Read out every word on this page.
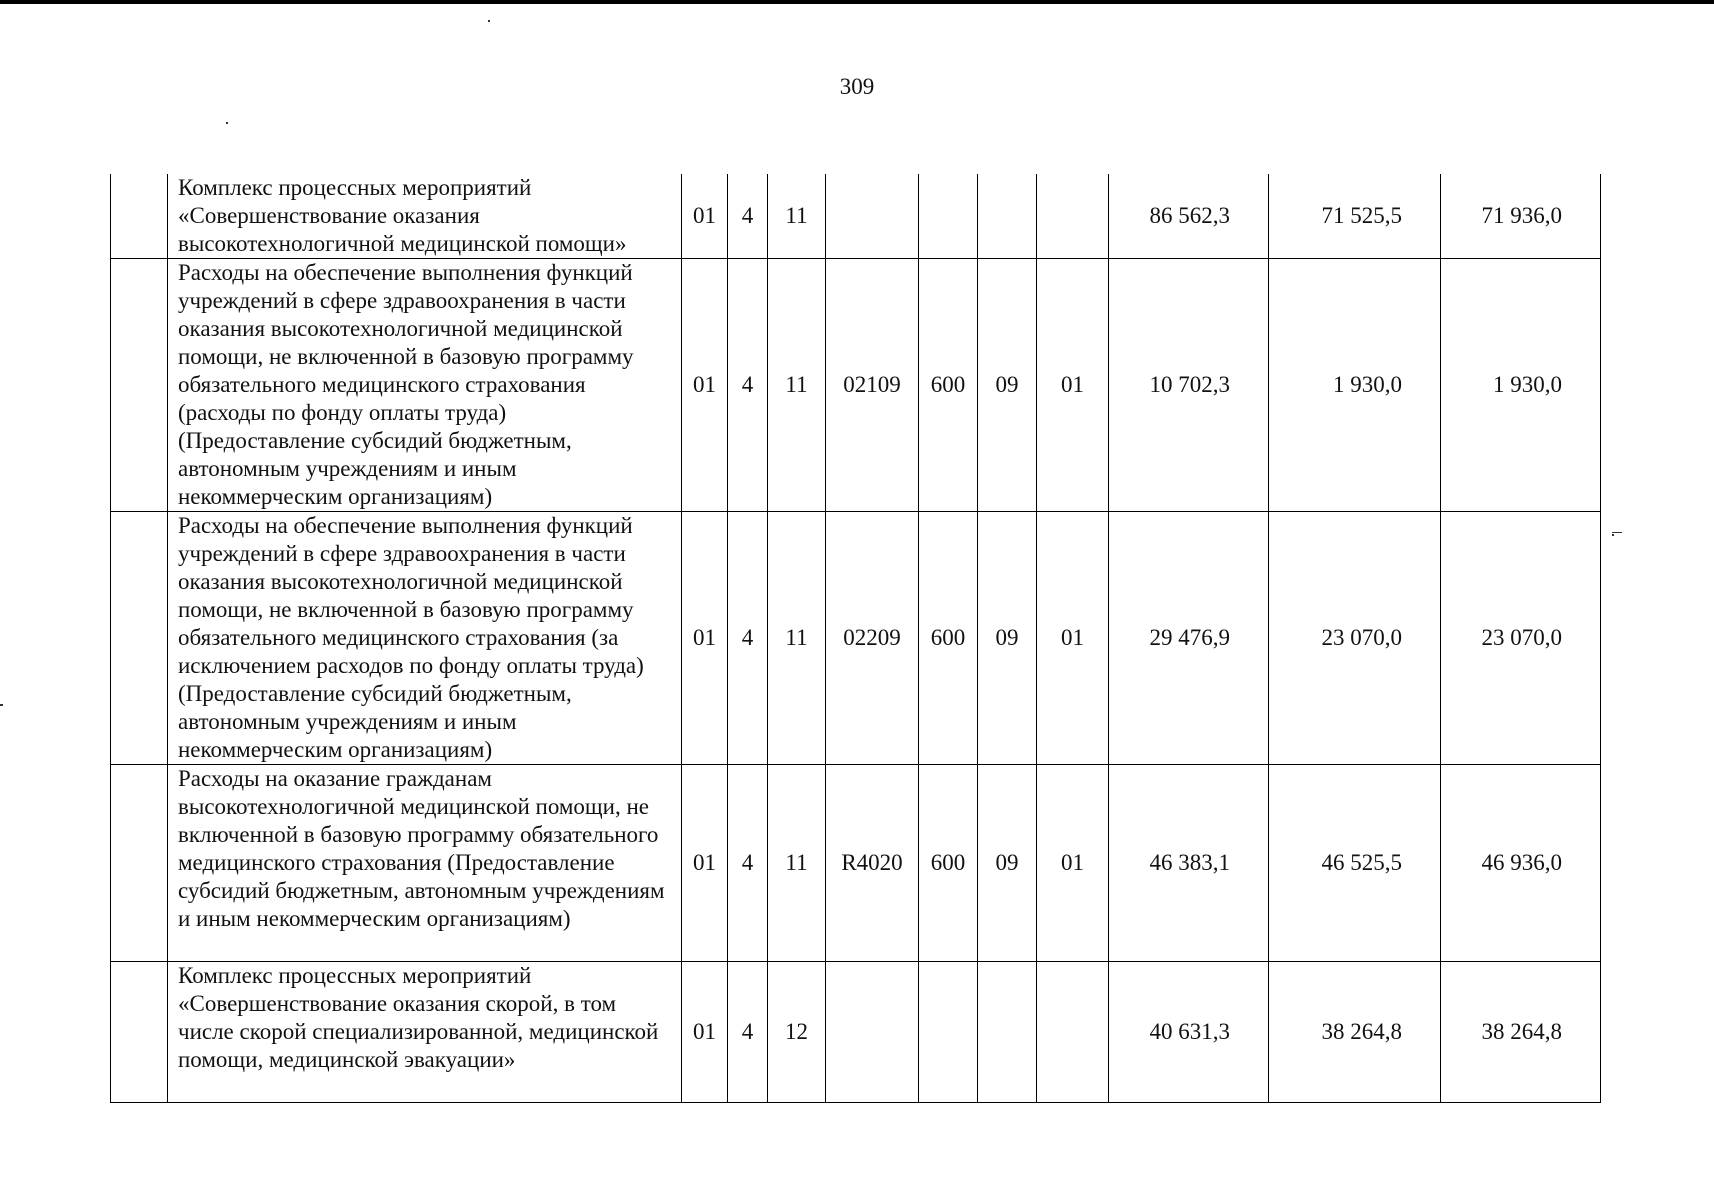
309
	Комплекс процессных мероприятий «Совершенствование оказания высокотехнологичной медицинской помощи»	01	4	11					86 562,3	71 525,5	71 936,0
	Расходы на обеспечение выполнения функций учреждений в сфере здравоохранения в части оказания высокотехнологичной медицинской помощи, не включенной в базовую программу обязательного медицинского страхования (расходы по фонду оплаты труда) (Предоставление субсидий бюджетным, автономным учреждениям и иным некоммерческим организациям)	01	4	11	02109	600	09	01	10 702,3	1 930,0	1 930,0
	Расходы на обеспечение выполнения функций учреждений в сфере здравоохранения в части оказания высокотехнологичной медицинской помощи, не включенной в базовую программу обязательного медицинского страхования (за исключением расходов по фонду оплаты труда) (Предоставление субсидий бюджетным, автономным учреждениям и иным некоммерческим организациям)	01	4	11	02209	600	09	01	29 476,9	23 070,0	23 070,0
	Расходы на оказание гражданам высокотехнологичной медицинской помощи, не включенной в базовую программу обязательного медицинского страхования (Предоставление субсидий бюджетным, автономным учреждениям и иным некоммерческим организациям)	01	4	11	R4020	600	09	01	46 383,1	46 525,5	46 936,0
	Комплекс процессных мероприятий «Совершенствование оказания скорой, в том числе скорой специализированной, медицинской помощи, медицинской эвакуации»	01	4	12					40 631,3	38 264,8	38 264,8
